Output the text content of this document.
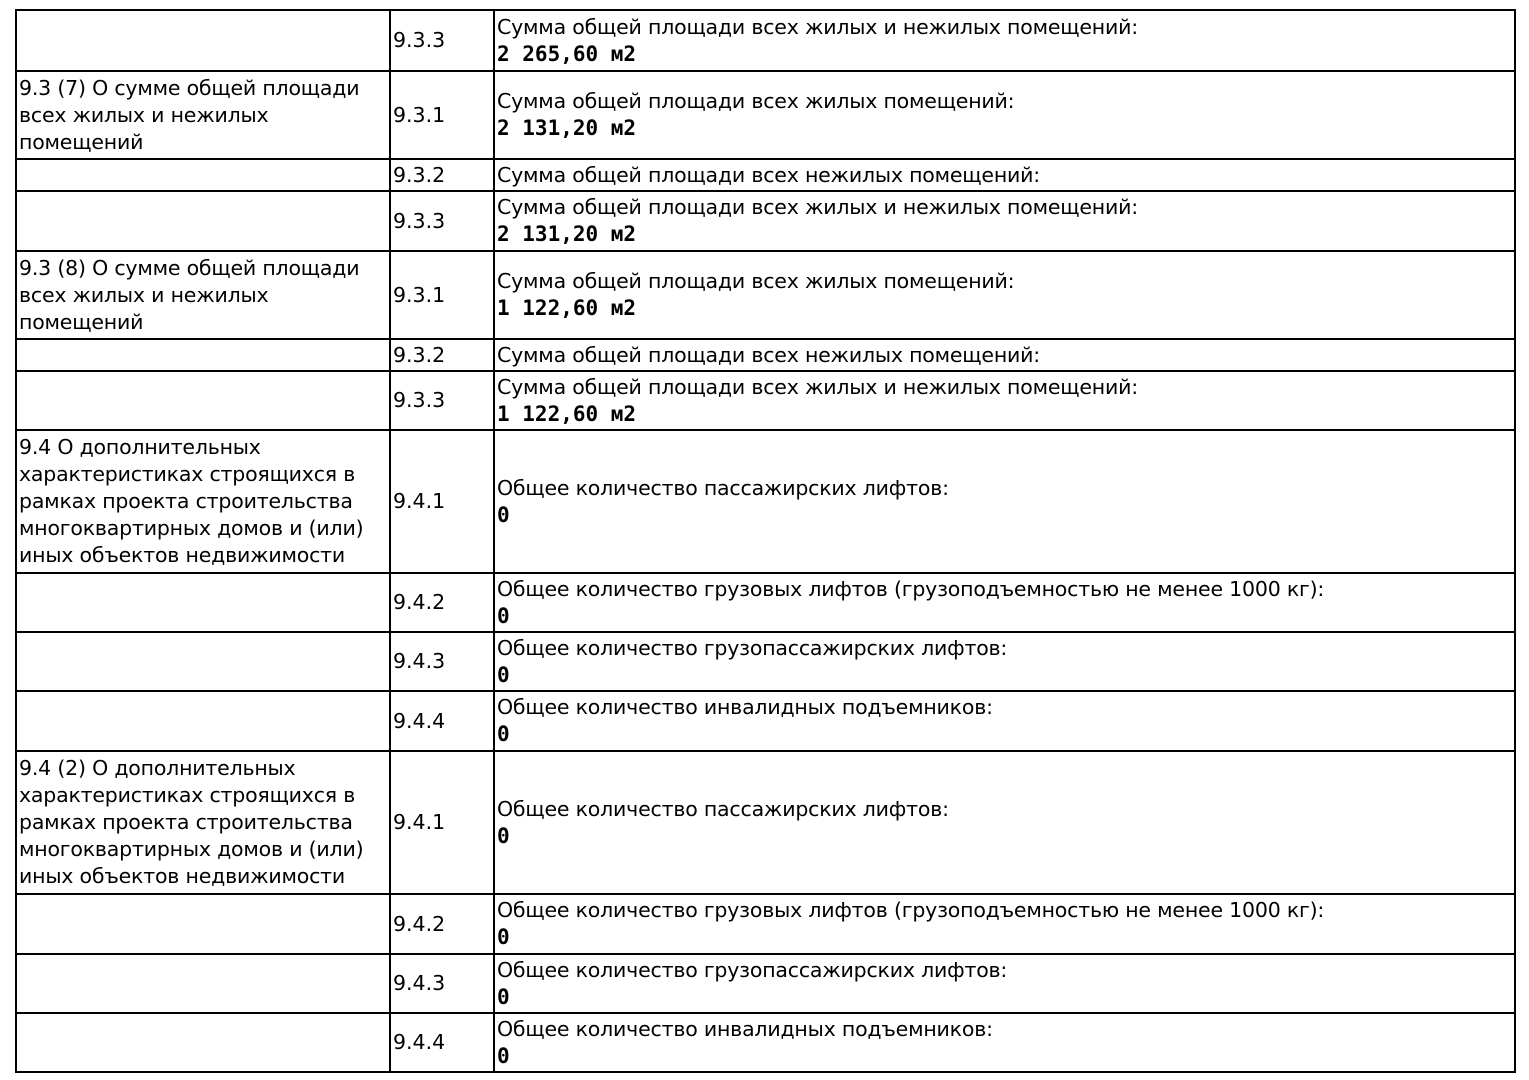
	9.3.3	Сумма общей площади всех жилых и нежилых помещений:
2 265,60 м2

9.3 (7) О сумме общей площади всех жилых и нежилых помещений	9.3.1	Сумма общей площади всех жилых помещений:
2 131,20 м2

	9.3.2	Сумма общей площади всех нежилых помещений:

	9.3.3	Сумма общей площади всех жилых и нежилых помещений:
2 131,20 м2

9.3 (8) О сумме общей площади всех жилых и нежилых помещений	9.3.1	Сумма общей площади всех жилых помещений:
1 122,60 м2

	9.3.2	Сумма общей площади всех нежилых помещений:

	9.3.3	Сумма общей площади всех жилых и нежилых помещений:
1 122,60 м2

9.4 О дополнительных характеристиках строящихся в рамках проекта строительства многоквартирных домов и (или) иных объектов недвижимости	9.4.1	Общее количество пассажирских лифтов:
0

	9.4.2	Общее количество грузовых лифтов (грузоподъемностью не менее 1000 кг):
0

	9.4.3	Общее количество грузопассажирских лифтов:
0

	9.4.4	Общее количество инвалидных подъемников:
0

9.4 (2) О дополнительных характеристиках строящихся в рамках проекта строительства многоквартирных домов и (или) иных объектов недвижимости	9.4.1	Общее количество пассажирских лифтов:
0

	9.4.2	Общее количество грузовых лифтов (грузоподъемностью не менее 1000 кг):
0

	9.4.3	Общее количество грузопассажирских лифтов:
0

	9.4.4	Общее количество инвалидных подъемников:
0
